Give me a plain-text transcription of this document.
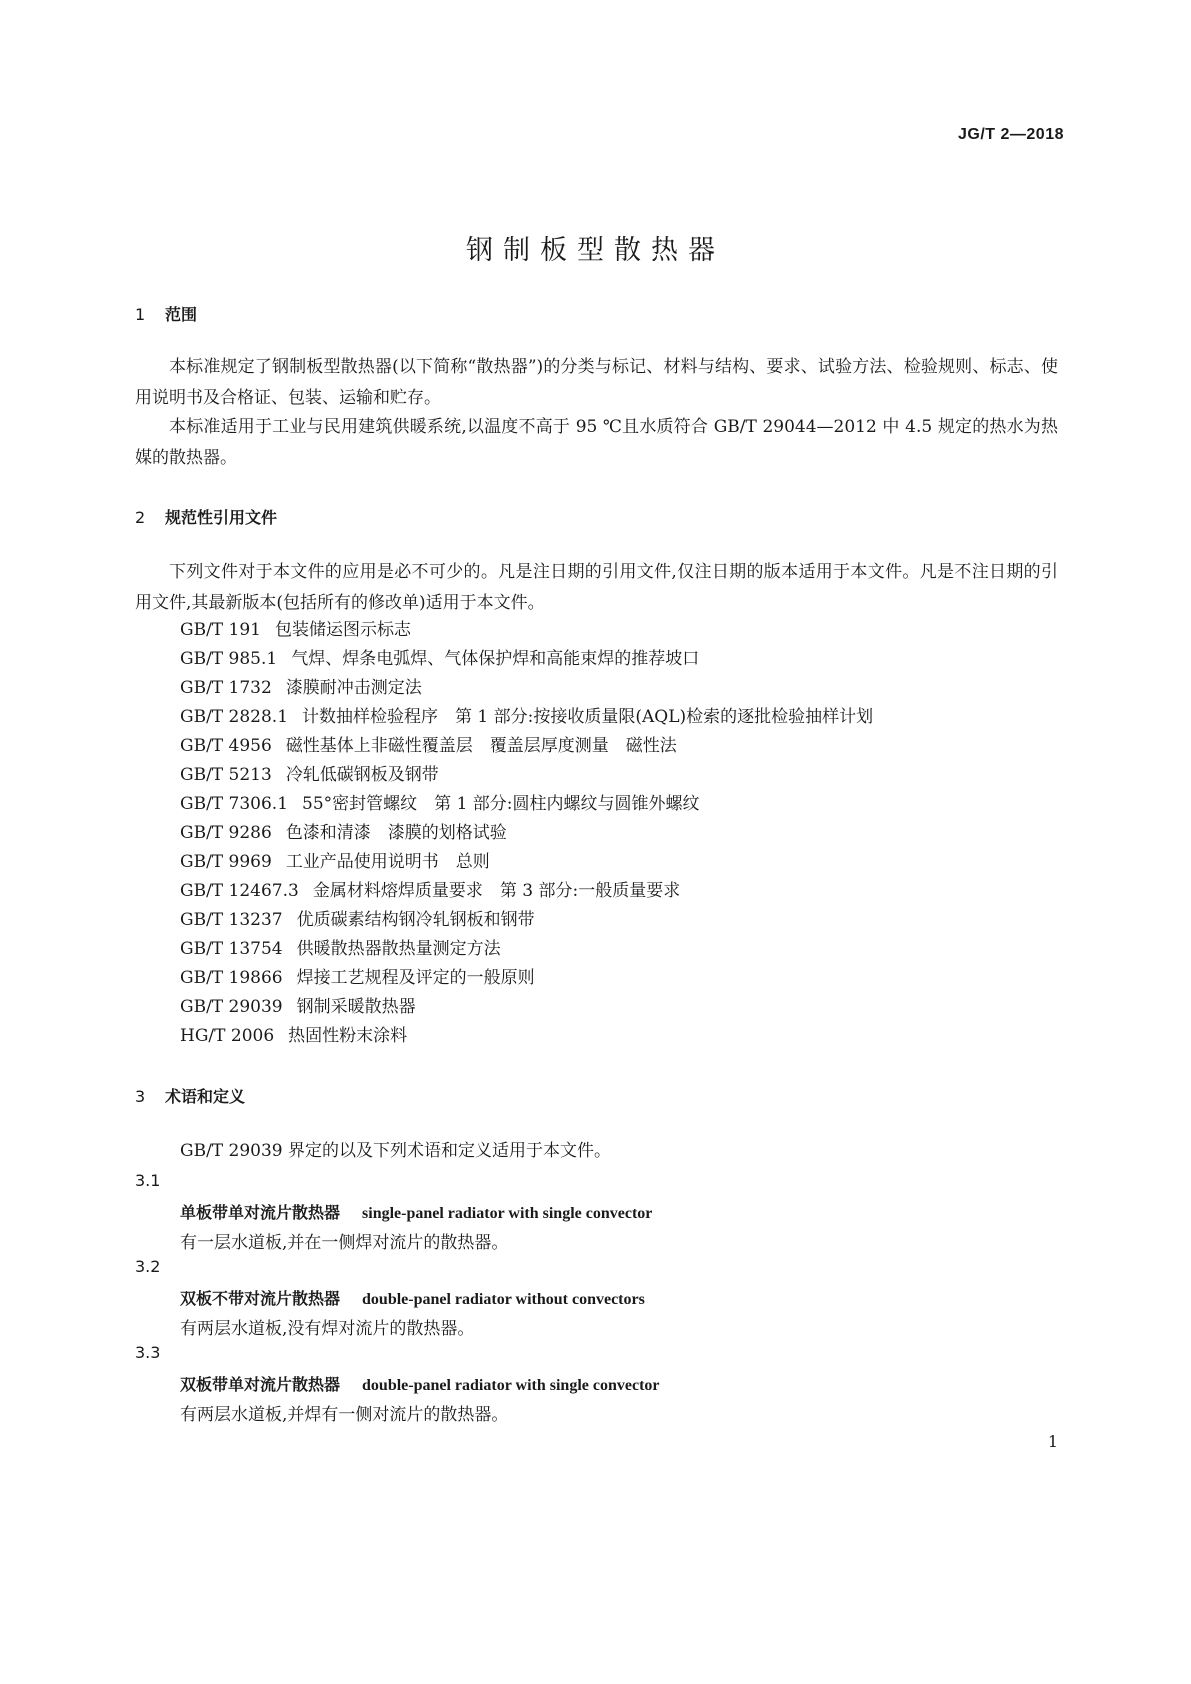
JG/T 2—2018
钢制板型散热器
1 范围
本标准规定了钢制板型散热器(以下简称“散热器”)的分类与标记、材料与结构、要求、试验方法、检验规则、标志、使用说明书及合格证、包装、运输和贮存。
本标准适用于工业与民用建筑供暖系统,以温度不高于 95 ℃且水质符合 GB/T 29044—2012 中 4.5 规定的热水为热媒的散热器。
2 规范性引用文件
下列文件对于本文件的应用是必不可少的。凡是注日期的引用文件,仅注日期的版本适用于本文件。凡是不注日期的引用文件,其最新版本(包括所有的修改单)适用于本文件。
GB/T 191 包装储运图示标志
GB/T 985.1 气焊、焊条电弧焊、气体保护焊和高能束焊的推荐坡口
GB/T 1732 漆膜耐冲击测定法
GB/T 2828.1 计数抽样检验程序　第 1 部分:按接收质量限(AQL)检索的逐批检验抽样计划
GB/T 4956 磁性基体上非磁性覆盖层　覆盖层厚度测量　磁性法
GB/T 5213 冷轧低碳钢板及钢带
GB/T 7306.1 55°密封管螺纹　第 1 部分:圆柱内螺纹与圆锥外螺纹
GB/T 9286 色漆和清漆　漆膜的划格试验
GB/T 9969 工业产品使用说明书　总则
GB/T 12467.3 金属材料熔焊质量要求　第 3 部分:一般质量要求
GB/T 13237 优质碳素结构钢冷轧钢板和钢带
GB/T 13754 供暖散热器散热量测定方法
GB/T 19866 焊接工艺规程及评定的一般原则
GB/T 29039 钢制采暖散热器
HG/T 2006 热固性粉末涂料
3 术语和定义
GB/T 29039 界定的以及下列术语和定义适用于本文件。
3.1
单板带单对流片散热器 single-panel radiator with single convector
有一层水道板,并在一侧焊对流片的散热器。
3.2
双板不带对流片散热器 double-panel radiator without convectors
有两层水道板,没有焊对流片的散热器。
3.3
双板带单对流片散热器 double-panel radiator with single convector
有两层水道板,并焊有一侧对流片的散热器。
1
